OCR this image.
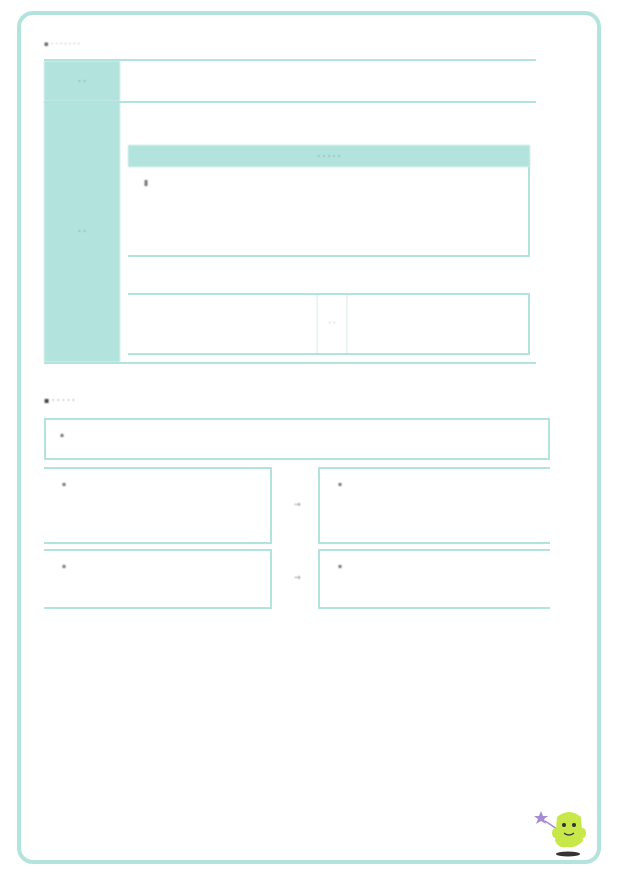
▪ · · · · · · ·
· ·
· ·
· · · · ·
· ·
▪ · · · · ·
→
→
